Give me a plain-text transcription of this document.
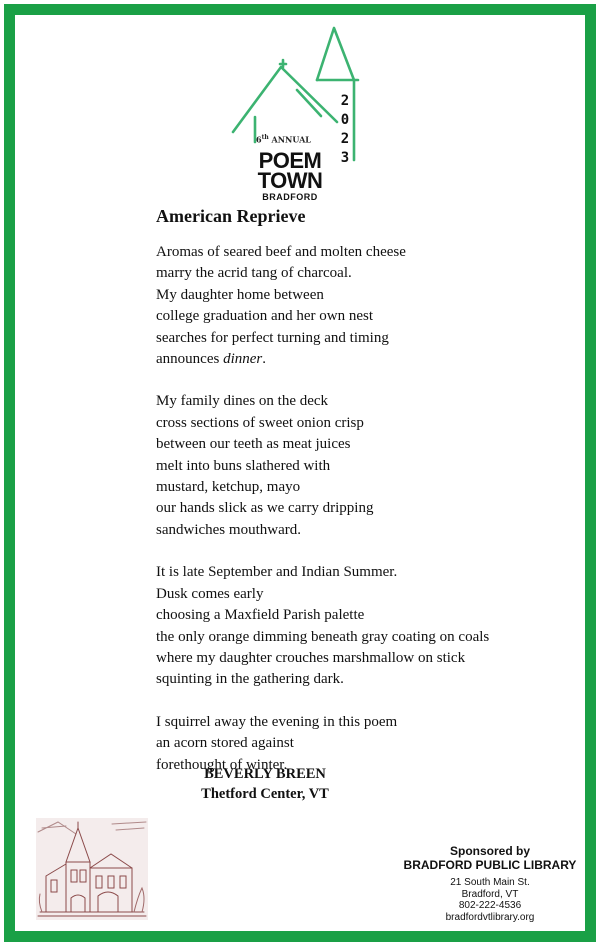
6th ANNUAL
2023
POEM
TOWN
BRADFORD
American Reprieve
Aromas of seared beef and molten cheese
marry the acrid tang of charcoal.
My daughter home between
college graduation and her own nest
searches for perfect turning and timing
announces dinner.
My family dines on the deck
cross sections of sweet onion crisp
between our teeth as meat juices
melt into buns slathered with
mustard, ketchup, mayo
our hands slick as we carry dripping
sandwiches mouthward.
It is late September and Indian Summer.
Dusk comes early
choosing a Maxfield Parish palette
the only orange dimming beneath gray coating on coals
where my daughter crouches marshmallow on stick
squinting in the gathering dark.
I squirrel away the evening in this poem
an acorn stored against
forethought of winter.
BEVERLY BREEN
Thetford Center, VT
Sponsored by
BRADFORD PUBLIC LIBRARY
21 South Main St.
Bradford, VT
802-222-4536
bradfordvtlibrary.org
